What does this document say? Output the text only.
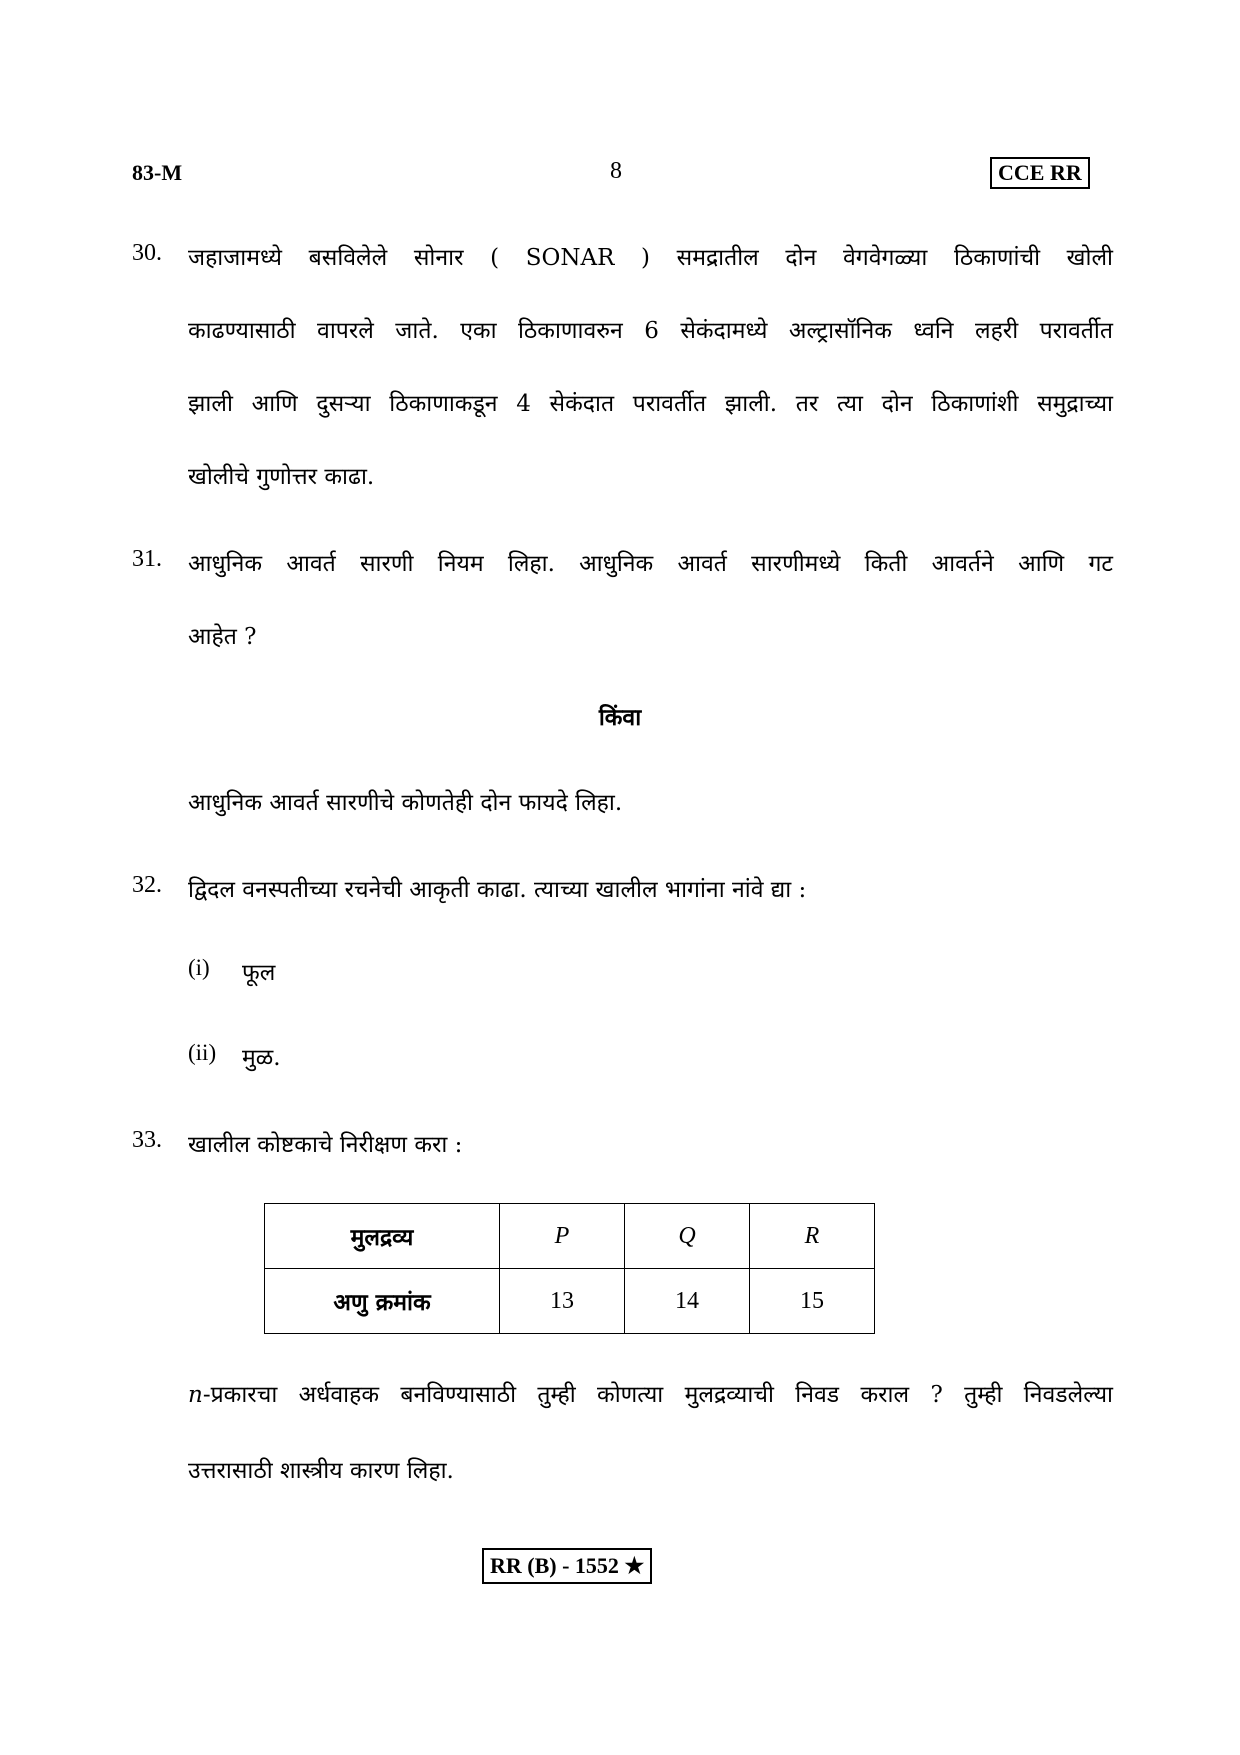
83-M	8	CCE RR
30. जहाजामध्ये बसविलेले सोनार ( SONAR ) समद्रातील दोन वेगवेगळ्या ठिकाणांची खोली
काढण्यासाठी वापरले जाते. एका ठिकाणावरुन 6 सेकंदामध्ये अल्ट्रासॉनिक ध्वनि लहरी परावर्तीत
झाली आणि दुसऱ्या ठिकाणाकडून 4 सेकंदात परावर्तीत झाली. तर त्या दोन ठिकाणांशी समुद्राच्या
खोलीचे गुणोत्तर काढा.
31. आधुनिक आवर्त सारणी नियम लिहा. आधुनिक आवर्त सारणीमध्ये किती आवर्तने आणि गट
आहेत ?
किंवा
आधुनिक आवर्त सारणीचे कोणतेही दोन फायदे लिहा.
32. द्विदल वनस्पतीच्या रचनेची आकृती काढा. त्याच्या खालील भागांना नांवे द्या :
(i) फूल
(ii) मुळ.
33. खालील कोष्टकाचे निरीक्षण करा :
मुलद्रव्य	P	Q	R
अणु क्रमांक	13	14	15
n-प्रकारचा अर्धवाहक बनविण्यासाठी तुम्ही कोणत्या मुलद्रव्याची निवड कराल ? तुम्ही निवडलेल्या
उत्तरासाठी शास्त्रीय कारण लिहा.
RR (B) - 1552 ★
